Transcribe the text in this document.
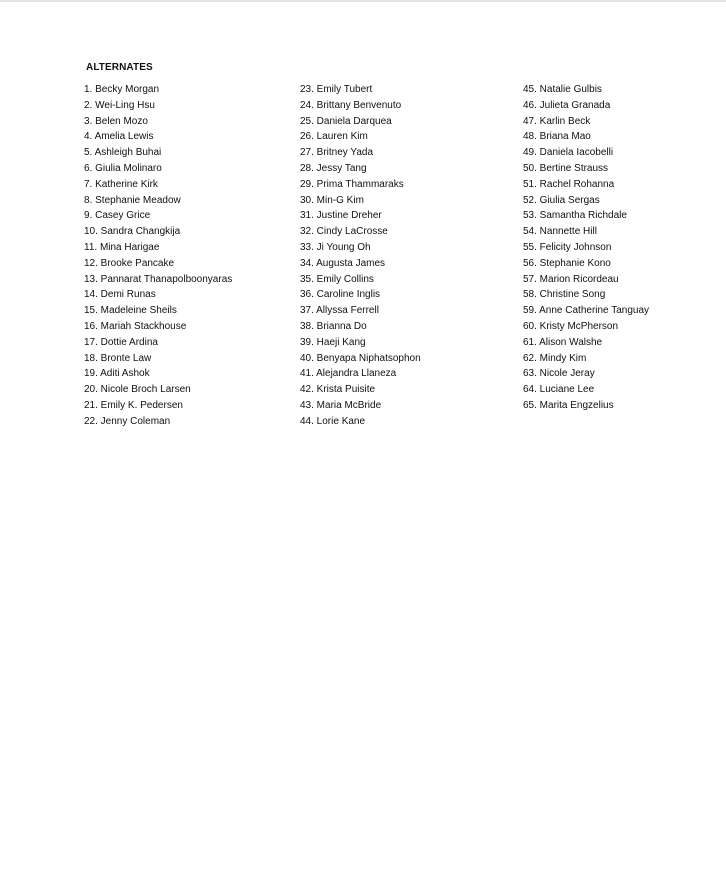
ALTERNATES
1. Becky Morgan
2. Wei-Ling Hsu
3. Belen Mozo
4. Amelia Lewis
5. Ashleigh Buhai
6. Giulia Molinaro
7. Katherine Kirk
8. Stephanie Meadow
9. Casey Grice
10. Sandra Changkija
11. Mina Harigae
12. Brooke Pancake
13. Pannarat Thanapolboonyaras
14. Demi Runas
15. Madeleine Sheils
16. Mariah Stackhouse
17. Dottie Ardina
18. Bronte Law
19. Aditi Ashok
20. Nicole Broch Larsen
21. Emily K. Pedersen
22. Jenny Coleman
23. Emily Tubert
24. Brittany Benvenuto
25. Daniela Darquea
26. Lauren Kim
27. Britney Yada
28. Jessy Tang
29. Prima Thammaraks
30. Min-G Kim
31. Justine Dreher
32. Cindy LaCrosse
33. Ji Young Oh
34. Augusta James
35. Emily Collins
36. Caroline Inglis
37. Allyssa Ferrell
38. Brianna Do
39. Haeji Kang
40. Benyapa Niphatsophon
41. Alejandra Llaneza
42. Krista Puisite
43. Maria McBride
44. Lorie Kane
45. Natalie Gulbis
46. Julieta Granada
47. Karlin Beck
48. Briana Mao
49. Daniela Iacobelli
50. Bertine Strauss
51. Rachel Rohanna
52. Giulia Sergas
53. Samantha Richdale
54. Nannette Hill
55. Felicity Johnson
56. Stephanie Kono
57. Marion Ricordeau
58. Christine Song
59. Anne Catherine Tanguay
60. Kristy McPherson
61. Alison Walshe
62. Mindy Kim
63. Nicole Jeray
64. Luciane Lee
65. Marita Engzelius
